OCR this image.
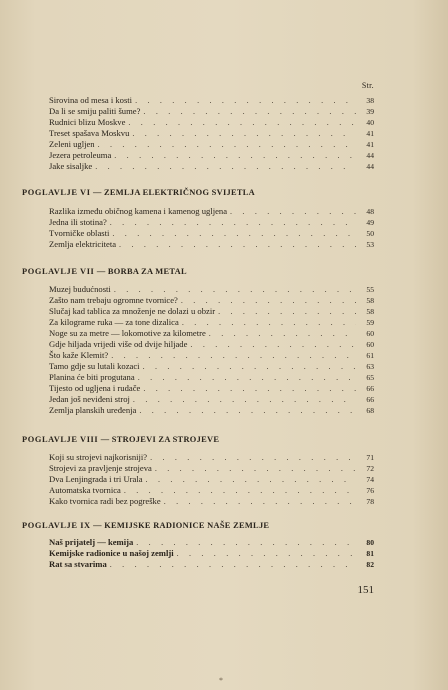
Str.
Sirovina od mesa i kosti . . .	38
Da li se smiju paliti šume? . . .	39
Rudnici blizu Moskve . . .	40
Treset spašava Moskvu . . .	41
Zeleni ugljen . . .	41
Jezera petroleuma . . .	44
Jake sisaljke . . .	44
POGLAVLJE VI — ZEMLJA ELEKTRIČNOG SVIJETLA
Razlika između običnog kamena i kamenog ugljena . . .	48
Jedna ili stotina? . . .	49
Tvorničke oblasti . . .	50
Zemlja elektriciteta . . .	53
POGLAVLJE VII — BORBA ZA METAL
Muzej budućnosti . . .	55
Zašto nam trebaju ogromne tvornice? . . .	58
Slučaj kad tablica za množenje ne dolazi u obzir . . .	58
Za kilograme ruka — za tone dizalica . . .	59
Noge su za metre — lokomotive za kilometre . . .	60
Gdje hiljada vrijedi više od dvije hiljade . . .	60
Što kaže Klemit? . . .	61
Tamo gdje su lutali kozaci . . .	63
Planina će biti progutana . . .	65
Tijesto od ugljena i rudače . . .	66
Jedan još neviđeni stroj . . .	66
Zemlja planskih uređenja . . .	68
POGLAVLJE VIII — STROJEVI ZA STROJEVE
Koji su strojevi najkorisniji? . . .	71
Strojevi za pravljenje strojeva . . .	72
Dva Lenjingrada i tri Urala . . .	74
Automatska tvornica . . .	76
Kako tvornica radi bez pogreške . . .	78
POGLAVLJE IX — KEMIJSKE RADIONICE NAŠE ZEMLJE
Naš prijatelj — kemija . . .	80
Kemijske radionice u našoj zemlji . . .	81
Rat sa stvarima . . .	82
151
*
